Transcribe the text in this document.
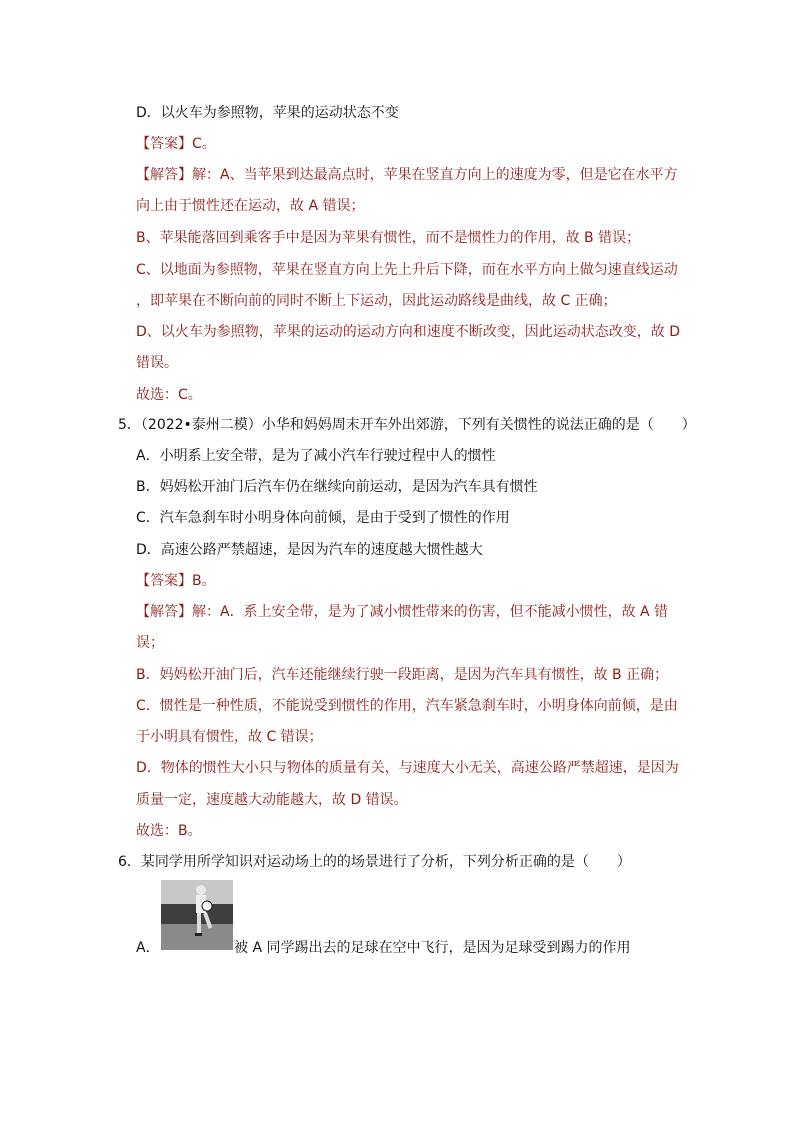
D．以火车为参照物，苹果的运动状态不变
【答案】C。
【解答】解：A、当苹果到达最高点时，苹果在竖直方向上的速度为零，但是它在水平方
向上由于惯性还在运动，故 A 错误；
B、苹果能落回到乘客手中是因为苹果有惯性，而不是惯性力的作用，故 B 错误；
C、以地面为参照物，苹果在竖直方向上先上升后下降，而在水平方向上做匀速直线运动
，即苹果在不断向前的同时不断上下运动，因此运动路线是曲线，故 C 正确；
D、以火车为参照物，苹果的运动的运动方向和速度不断改变，因此运动状态改变，故 D
错误。
故选：C。
5．（2022•泰州二模）小华和妈妈周末开车外出郊游，下列有关惯性的说法正确的是（　　）
A．小明系上安全带，是为了减小汽车行驶过程中人的惯性
B．妈妈松开油门后汽车仍在继续向前运动，是因为汽车具有惯性
C．汽车急刹车时小明身体向前倾，是由于受到了惯性的作用
D．高速公路严禁超速，是因为汽车的速度越大惯性越大
【答案】B。
【解答】解：A．系上安全带，是为了减小惯性带来的伤害，但不能减小惯性，故 A 错
误；
B．妈妈松开油门后，汽车还能继续行驶一段距离，是因为汽车具有惯性，故 B 正确；
C．惯性是一种性质，不能说受到惯性的作用，汽车紧急刹车时，小明身体向前倾，是由
于小明具有惯性，故 C 错误；
D．物体的惯性大小只与物体的质量有关，与速度大小无关，高速公路严禁超速，是因为
质量一定，速度越大动能越大，故 D 错误。
故选：B。
6．某同学用所学知识对运动场上的的场景进行了分析，下列分析正确的是（　　）
A．	被 A 同学踢出去的足球在空中飞行，是因为足球受到踢力的作用
